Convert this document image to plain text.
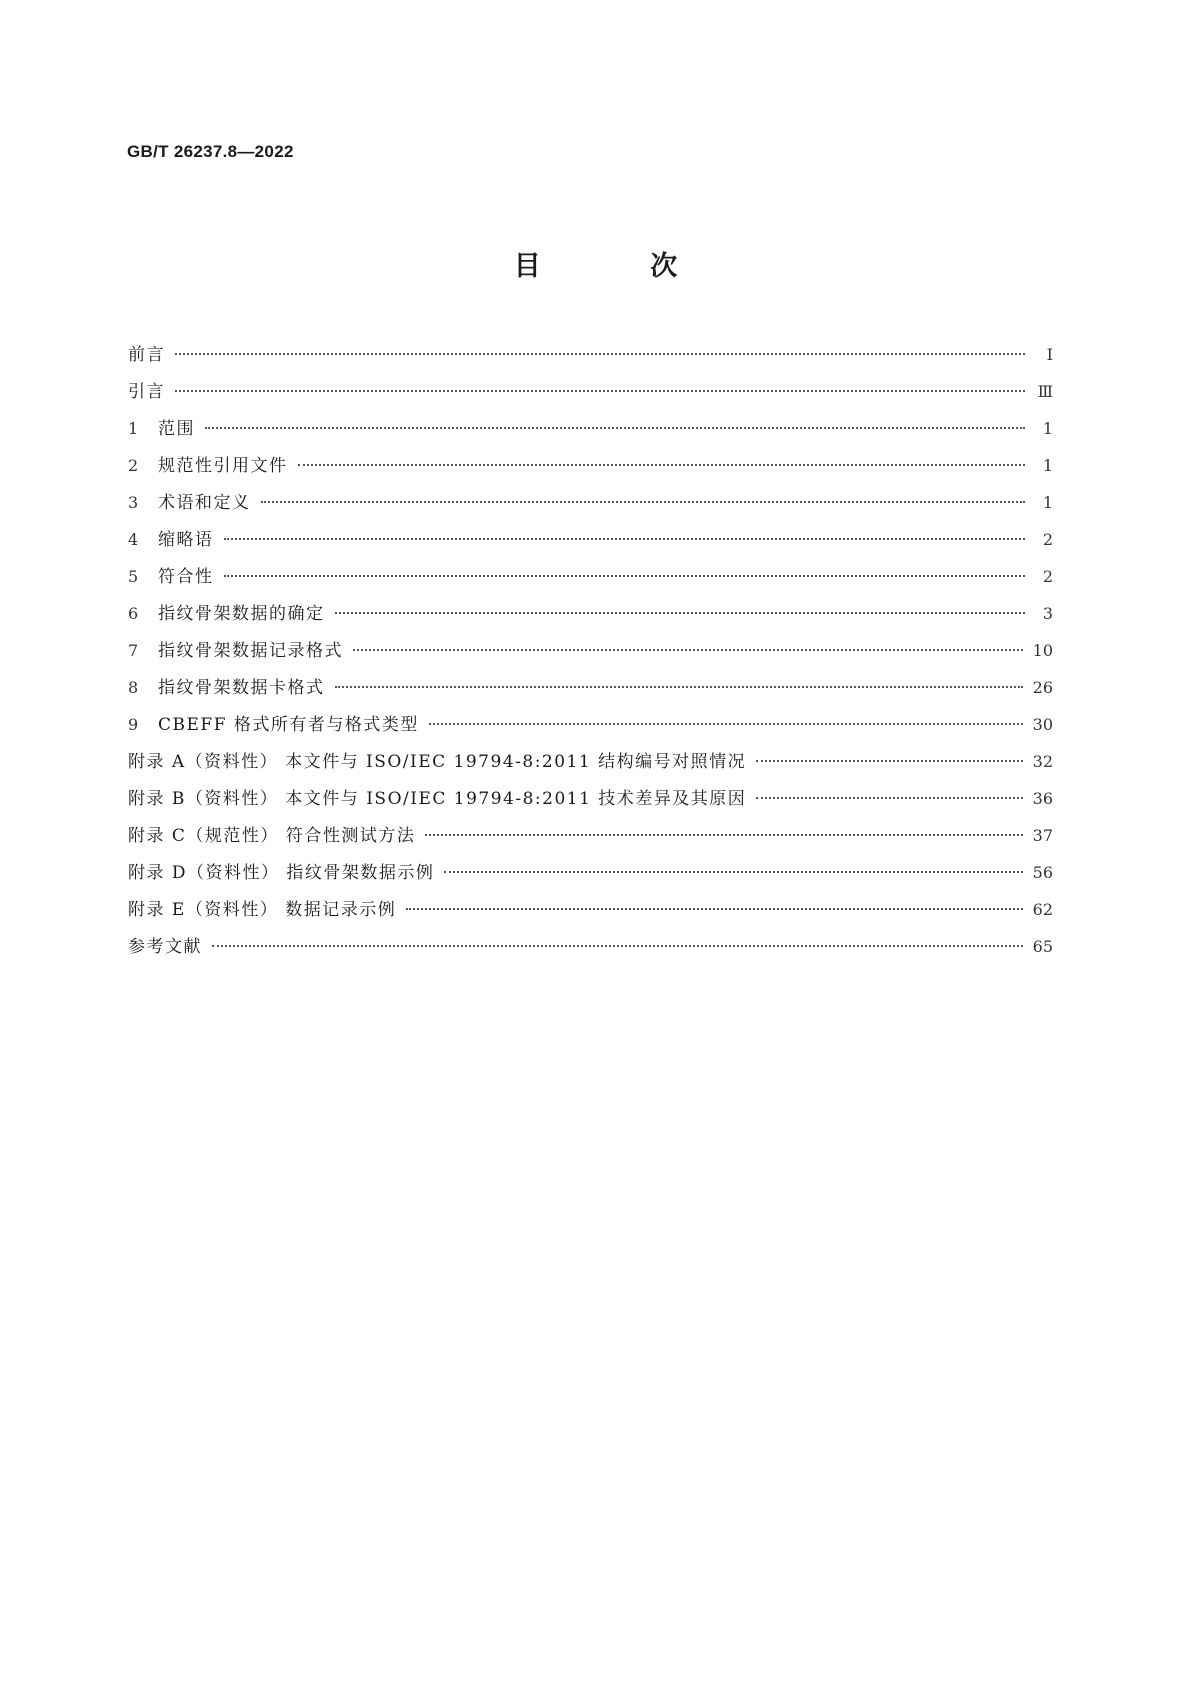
GB/T 26237.8—2022
目 次
前言	Ⅰ
引言	Ⅲ
1	范围	1
2	规范性引用文件	1
3	术语和定义	1
4	缩略语	2
5	符合性	2
6	指纹骨架数据的确定	3
7	指纹骨架数据记录格式	10
8	指纹骨架数据卡格式	26
9	CBEFF 格式所有者与格式类型	30
附录 A（资料性） 本文件与 ISO/IEC 19794-8:2011 结构编号对照情况	32
附录 B（资料性） 本文件与 ISO/IEC 19794-8:2011 技术差异及其原因	36
附录 C（规范性） 符合性测试方法	37
附录 D（资料性） 指纹骨架数据示例	56
附录 E（资料性） 数据记录示例	62
参考文献	65
